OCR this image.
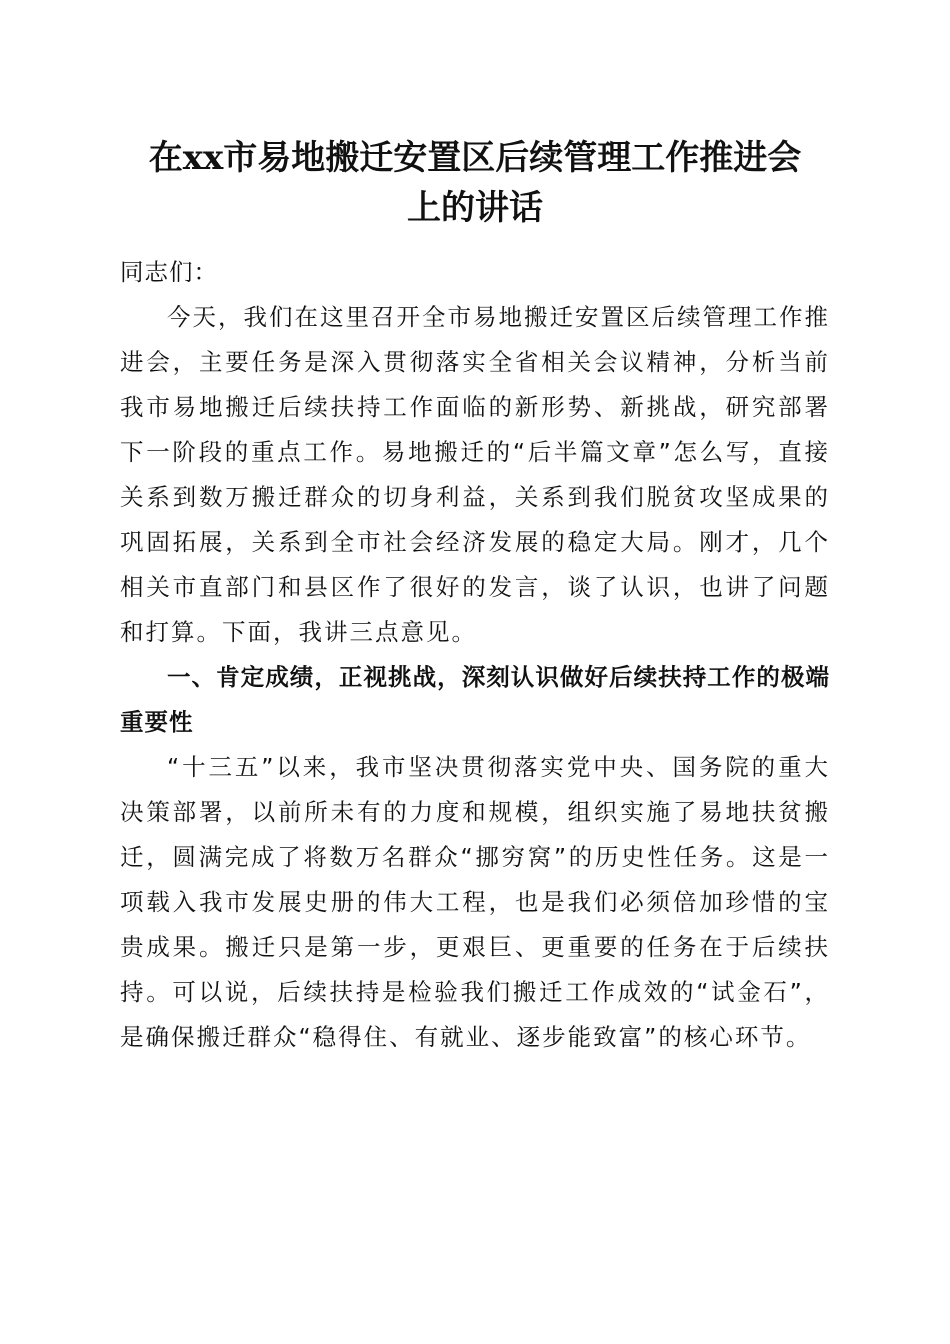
在xx市易地搬迁安置区后续管理工作推进会
上的讲话

同志们：

今天，我们在这里召开全市易地搬迁安置区后续管理工作推进会，主要任务是深入贯彻落实全省相关会议精神，分析当前我市易地搬迁后续扶持工作面临的新形势、新挑战，研究部署下一阶段的重点工作。易地搬迁的“后半篇文章”怎么写，直接关系到数万搬迁群众的切身利益，关系到我们脱贫攻坚成果的巩固拓展，关系到全市社会经济发展的稳定大局。刚才，几个相关市直部门和县区作了很好的发言，谈了认识，也讲了问题和打算。下面，我讲三点意见。

一、肯定成绩，正视挑战，深刻认识做好后续扶持工作的极端重要性

“十三五”以来，我市坚决贯彻落实党中央、国务院的重大决策部署，以前所未有的力度和规模，组织实施了易地扶贫搬迁，圆满完成了将数万名群众“挪穷窝”的历史性任务。这是一项载入我市发展史册的伟大工程，也是我们必须倍加珍惜的宝贵成果。搬迁只是第一步，更艰巨、更重要的任务在于后续扶持。可以说，后续扶持是检验我们搬迁工作成效的“试金石”，是确保搬迁群众“稳得住、有就业、逐步能致富”的核心环节。
